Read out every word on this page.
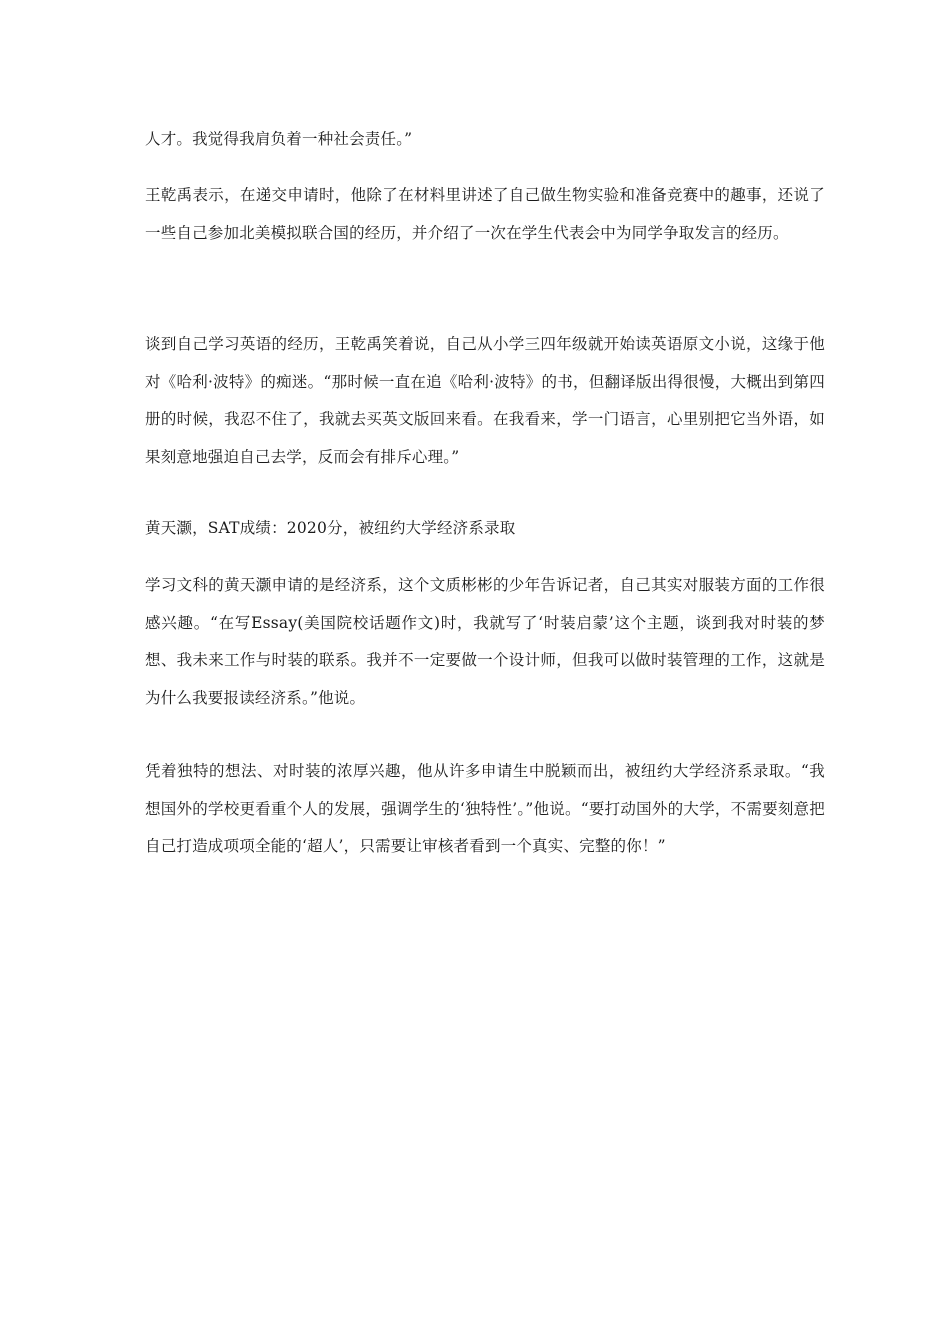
人才。我觉得我肩负着一种社会责任。”

王乾禹表示，在递交申请时，他除了在材料里讲述了自己做生物实验和准备竞赛中的趣事，还说了一些自己参加北美模拟联合国的经历，并介绍了一次在学生代表会中为同学争取发言的经历。

谈到自己学习英语的经历，王乾禹笑着说，自己从小学三四年级就开始读英语原文小说，这缘于他对《哈利·波特》的痴迷。“那时候一直在追《哈利·波特》的书，但翻译版出得很慢，大概出到第四册的时候，我忍不住了，我就去买英文版回来看。在我看来，学一门语言，心里别把它当外语，如果刻意地强迫自己去学，反而会有排斥心理。”

黄天灏，SAT成绩：2020分，被纽约大学经济系录取

学习文科的黄天灏申请的是经济系，这个文质彬彬的少年告诉记者，自己其实对服装方面的工作很感兴趣。“在写Essay(美国院校话题作文)时，我就写了‘时装启蒙’这个主题，谈到我对时装的梦想、我未来工作与时装的联系。我并不一定要做一个设计师，但我可以做时装管理的工作，这就是为什么我要报读经济系。”他说。

凭着独特的想法、对时装的浓厚兴趣，他从许多申请生中脱颖而出，被纽约大学经济系录取。“我想国外的学校更看重个人的发展，强调学生的‘独特性’。”他说。“要打动国外的大学，不需要刻意把自己打造成项项全能的‘超人’，只需要让审核者看到一个真实、完整的你！”
